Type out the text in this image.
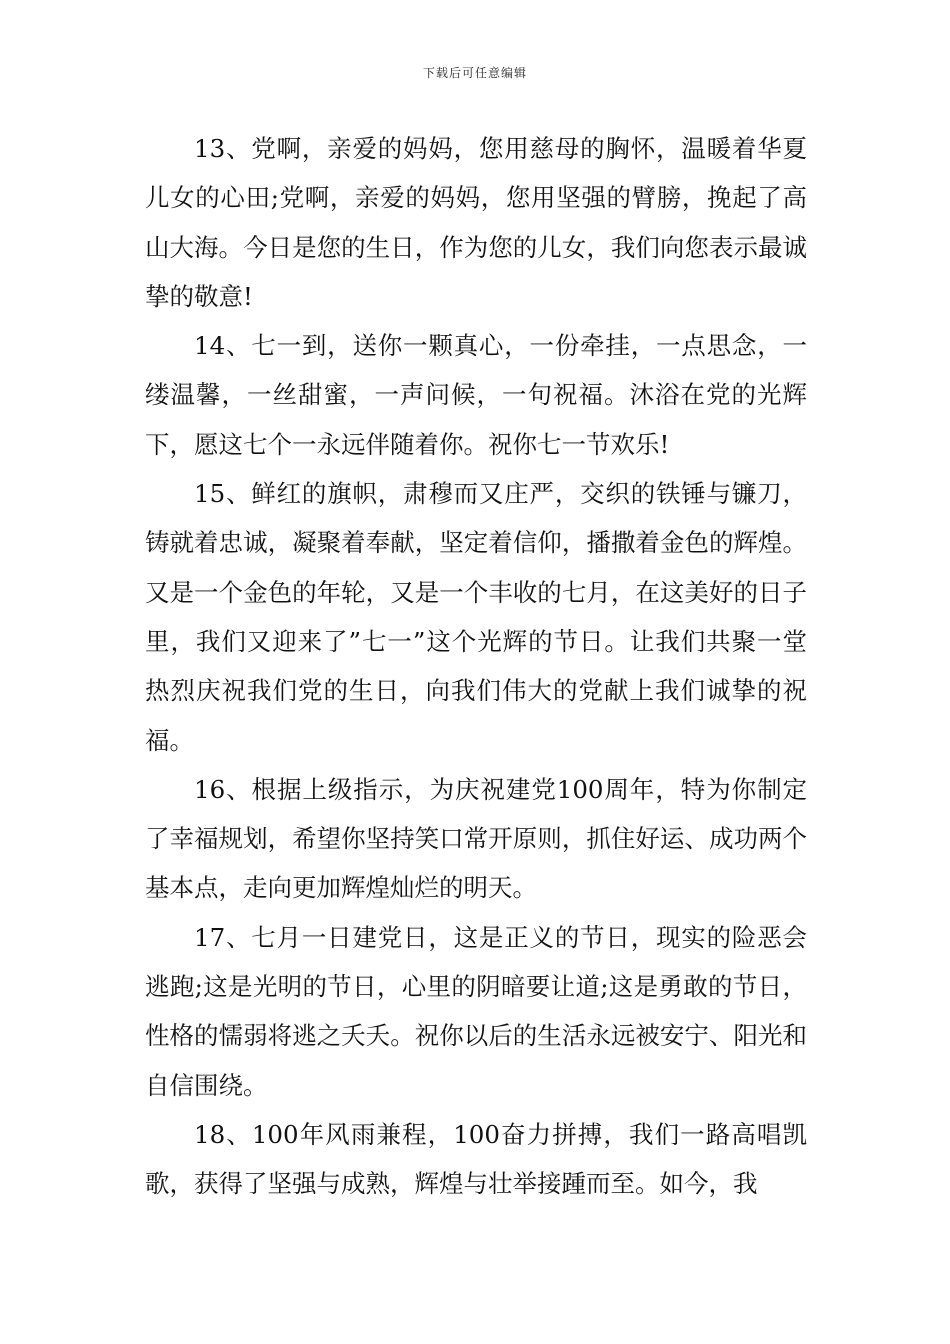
下载后可任意编辑

13、党啊，亲爱的妈妈，您用慈母的胸怀，温暖着华夏儿女的心田;党啊，亲爱的妈妈，您用坚强的臂膀，挽起了高山大海。今日是您的生日，作为您的儿女，我们向您表示最诚挚的敬意!

14、七一到，送你一颗真心，一份牵挂，一点思念，一缕温馨，一丝甜蜜，一声问候，一句祝福。沐浴在党的光辉下，愿这七个一永远伴随着你。祝你七一节欢乐!

15、鲜红的旗帜，肃穆而又庄严，交织的铁锤与镰刀，铸就着忠诚，凝聚着奉献，坚定着信仰，播撒着金色的辉煌。又是一个金色的年轮，又是一个丰收的七月，在这美好的日子里，我们又迎来了”七一”这个光辉的节日。让我们共聚一堂热烈庆祝我们党的生日，向我们伟大的党献上我们诚挚的祝福。

16、根据上级指示，为庆祝建党100周年，特为你制定了幸福规划，希望你坚持笑口常开原则，抓住好运、成功两个基本点，走向更加辉煌灿烂的明天。

17、七月一日建党日，这是正义的节日，现实的险恶会逃跑;这是光明的节日，心里的阴暗要让道;这是勇敢的节日，性格的懦弱将逃之夭夭。祝你以后的生活永远被安宁、阳光和自信围绕。

18、100年风雨兼程，100奋力拼搏，我们一路高唱凯歌，获得了坚强与成熟，辉煌与壮举接踵而至。如今，我
